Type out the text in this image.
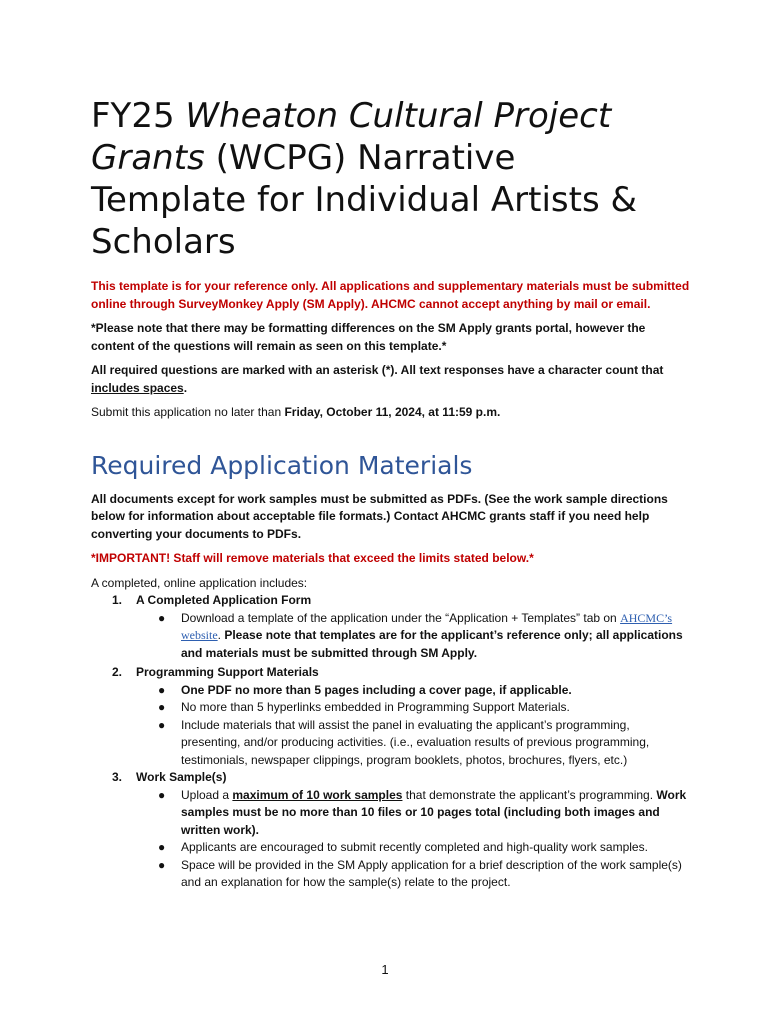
FY25 Wheaton Cultural Project
Grants (WCPG) Narrative
Template for Individual Artists &
Scholars

This template is for your reference only. All applications and supplementary materials must be submitted online through SurveyMonkey Apply (SM Apply). AHCMC cannot accept anything by mail or email.

*Please note that there may be formatting differences on the SM Apply grants portal, however the content of the questions will remain as seen on this template.*

All required questions are marked with an asterisk (*). All text responses have a character count that includes spaces.

Submit this application no later than Friday, October 11, 2024, at 11:59 p.m.

Required Application Materials

All documents except for work samples must be submitted as PDFs. (See the work sample directions below for information about acceptable file formats.) Contact AHCMC grants staff if you need help converting your documents to PDFs.

*IMPORTANT! Staff will remove materials that exceed the limits stated below.*

A completed, online application includes:

1.	A Completed Application Form
● Download a template of the application under the “Application + Templates” tab on AHCMC’s website. Please note that templates are for the applicant’s reference only; all applications and materials must be submitted through SM Apply.
2.	Programming Support Materials
● One PDF no more than 5 pages including a cover page, if applicable.
● No more than 5 hyperlinks embedded in Programming Support Materials.
● Include materials that will assist the panel in evaluating the applicant’s programming, presenting, and/or producing activities. (i.e., evaluation results of previous programming, testimonials, newspaper clippings, program booklets, photos, brochures, flyers, etc.)
3.	Work Sample(s)
● Upload a maximum of 10 work samples that demonstrate the applicant’s programming. Work samples must be no more than 10 files or 10 pages total (including both images and written work).
● Applicants are encouraged to submit recently completed and high-quality work samples.
● Space will be provided in the SM Apply application for a brief description of the work sample(s) and an explanation for how the sample(s) relate to the project.
1
